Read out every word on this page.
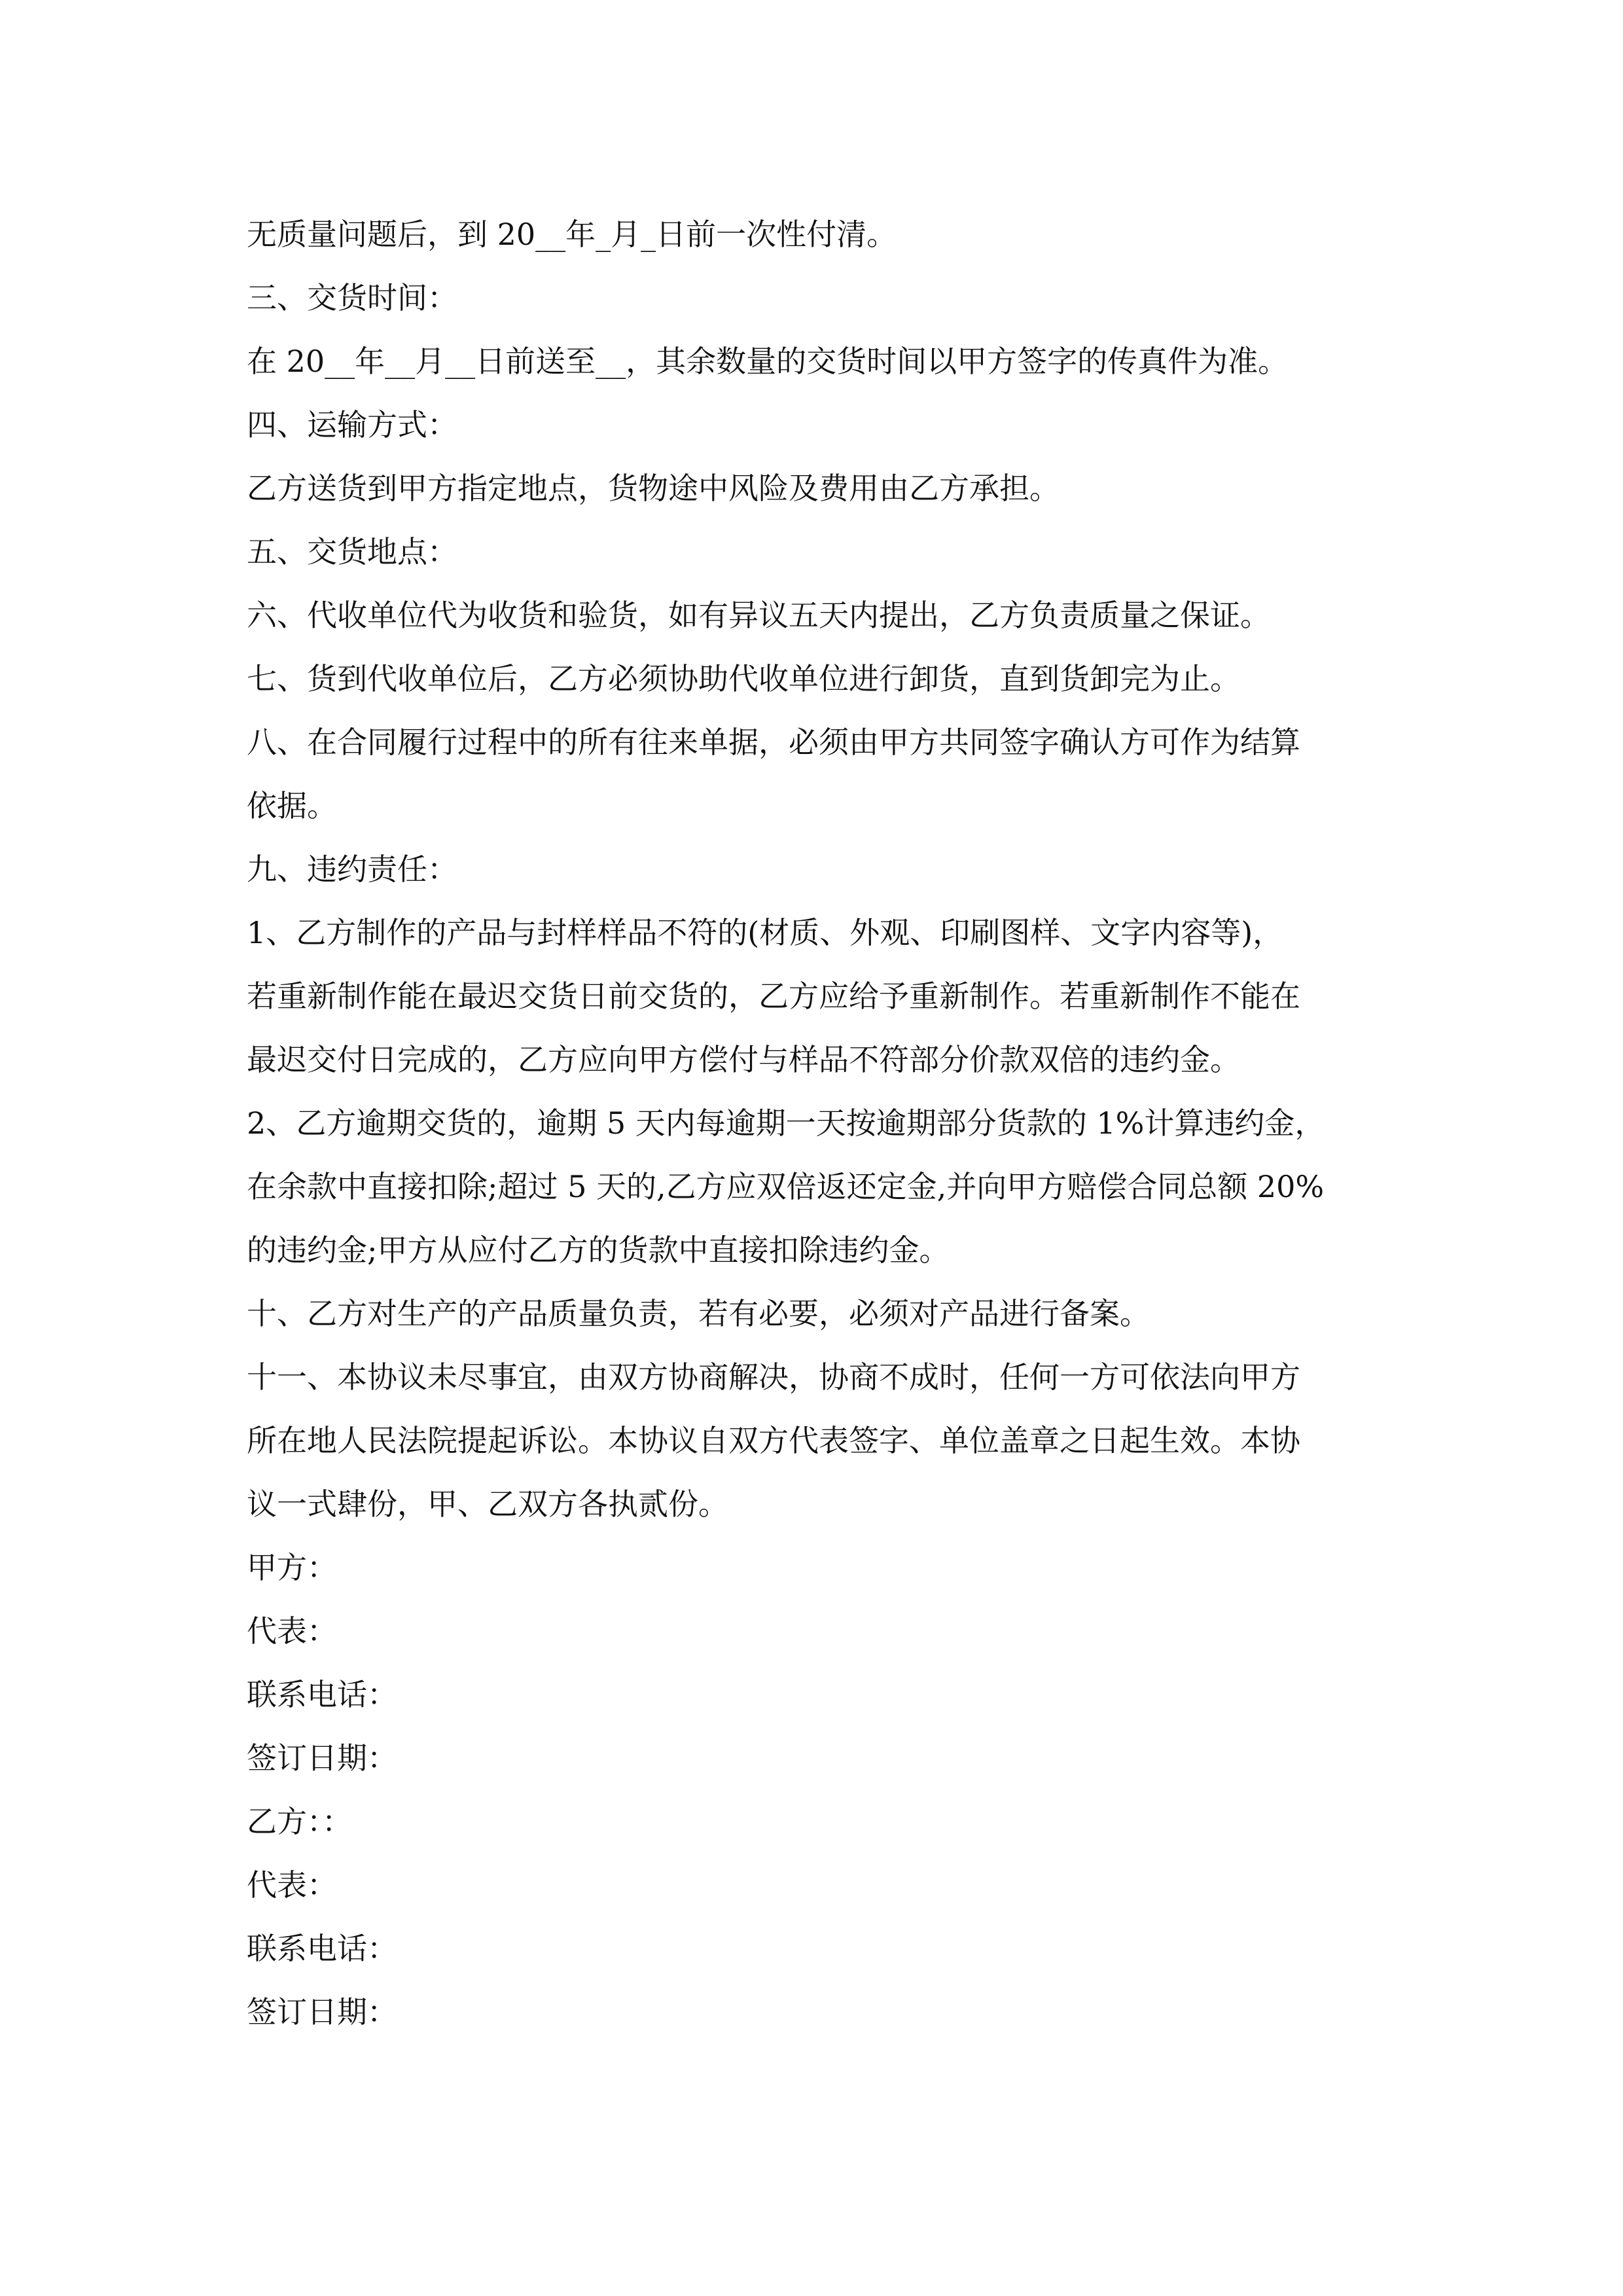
无质量问题后，到 20__年_月_日前一次性付清。

三、交货时间：

在 20__年__月__日前送至__，其余数量的交货时间以甲方签字的传真件为准。

四、运输方式：

乙方送货到甲方指定地点，货物途中风险及费用由乙方承担。

五、交货地点：

六、代收单位代为收货和验货，如有异议五天内提出，乙方负责质量之保证。

七、货到代收单位后，乙方必须协助代收单位进行卸货，直到货卸完为止。

八、在合同履行过程中的所有往来单据，必须由甲方共同签字确认方可作为结算

依据。

九、违约责任：

1、乙方制作的产品与封样样品不符的(材质、外观、印刷图样、文字内容等)，

若重新制作能在最迟交货日前交货的，乙方应给予重新制作。若重新制作不能在

最迟交付日完成的，乙方应向甲方偿付与样品不符部分价款双倍的违约金。

2、乙方逾期交货的，逾期 5 天内每逾期一天按逾期部分货款的 1%计算违约金，

在余款中直接扣除;超过 5 天的,乙方应双倍返还定金,并向甲方赔偿合同总额 20%

的违约金;甲方从应付乙方的货款中直接扣除违约金。

十、乙方对生产的产品质量负责，若有必要，必须对产品进行备案。

十一、本协议未尽事宜，由双方协商解决，协商不成时，任何一方可依法向甲方

所在地人民法院提起诉讼。本协议自双方代表签字、单位盖章之日起生效。本协

议一式肆份，甲、乙双方各执贰份。

甲方：

代表：

联系电话：

签订日期：

乙方：：

代表：

联系电话：

签订日期：
